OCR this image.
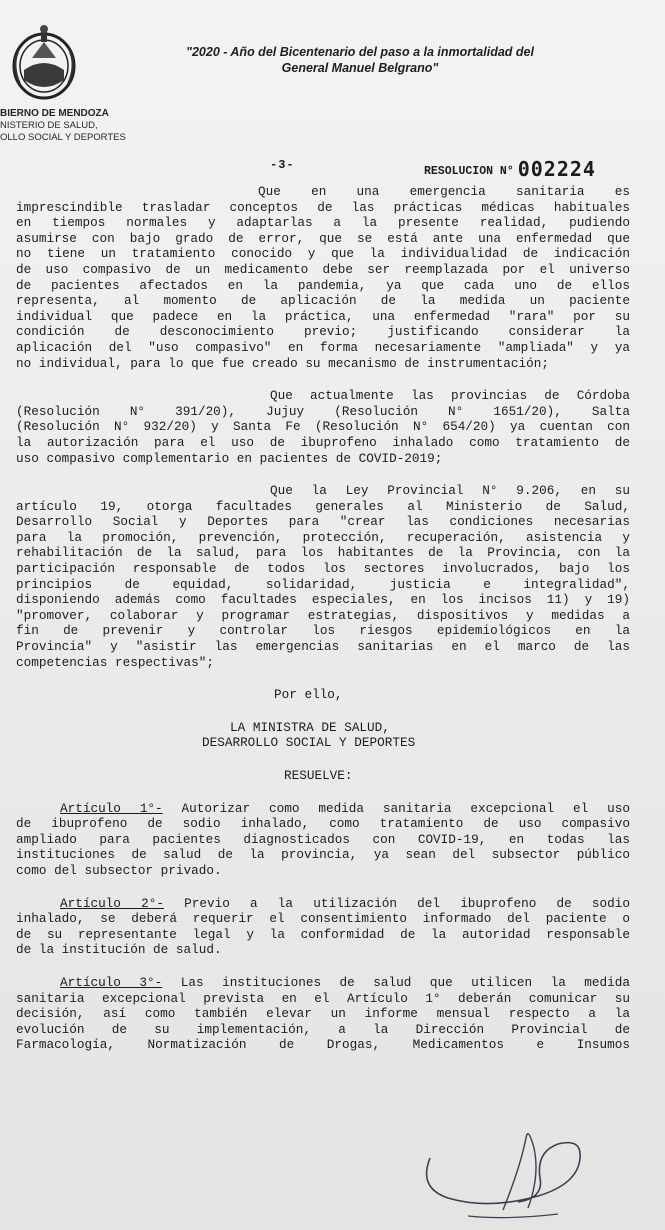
"2020 - Año del Bicentenario del paso a la inmortalidad del
General Manuel Belgrano"
BIERNO DE MENDOZA
NISTERIO DE SALUD,
OLLO SOCIAL Y DEPORTES
-3-	RESOLUCION N° 002224
Que en una emergencia sanitaria es
imprescindible trasladar conceptos de las prácticas médicas habituales
en tiempos normales y adaptarlas a la presente realidad, pudiendo
asumirse con bajo grado de error, que se está ante una enfermedad que
no tiene un tratamiento conocido y que la individualidad de indicación
de uso compasivo de un medicamento debe ser reemplazada por el universo
de pacientes afectados en la pandemia, ya que cada uno de ellos
representa, al momento de aplicación de la medida un paciente
individual que padece en la práctica, una enfermedad "rara" por su
condición de desconocimiento previo; justificando considerar la
aplicación del "uso compasivo" en forma necesariamente "ampliada" y ya
no individual, para lo que fue creado su mecanismo de instrumentación;
Que actualmente las provincias de Córdoba
(Resolución N° 391/20), Jujuy (Resolución N° 1651/20), Salta
(Resolución N° 932/20) y Santa Fe (Resolución N° 654/20) ya cuentan con
la autorización para el uso de ibuprofeno inhalado como tratamiento de
uso compasivo complementario en pacientes de COVID-2019;
Que la Ley Provincial N° 9.206, en su
artículo 19, otorga facultades generales al Ministerio de Salud,
Desarrollo Social y Deportes para "crear las condiciones necesarias
para la promoción, prevención, protección, recuperación, asistencia y
rehabilitación de la salud, para los habitantes de la Provincia, con la
participación responsable de todos los sectores involucrados, bajo los
principios de equidad, solidaridad, justicia e integralidad",
disponiendo además como facultades especiales, en los incisos 11) y 19)
"promover, colaborar y programar estrategias, dispositivos y medidas a
fin de prevenir y controlar los riesgos epidemiológicos en la
Provincia" y "asistir las emergencias sanitarias en el marco de las
competencias respectivas";
Por ello,
LA MINISTRA DE SALUD,
DESARROLLO SOCIAL Y DEPORTES
RESUELVE:
Artículo 1°- Autorizar como medida sanitaria excepcional el uso
de ibuprofeno de sodio inhalado, como tratamiento de uso compasivo
ampliado para pacientes diagnosticados con COVID-19, en todas las
instituciones de salud de la provincia, ya sean del subsector público
como del subsector privado.
Artículo 2°- Previo a la utilización del ibuprofeno de sodio
inhalado, se deberá requerir el consentimiento informado del paciente o
de su representante legal y la conformidad de la autoridad responsable
de la institución de salud.
Artículo 3°- Las instituciones de salud que utilicen la medida
sanitaria excepcional prevista en el Artículo 1° deberán comunicar su
decisión, así como también elevar un informe mensual respecto a la
evolución de su implementación, a la Dirección Provincial de
Farmacología, Normatización de Drogas, Medicamentos e Insumos
